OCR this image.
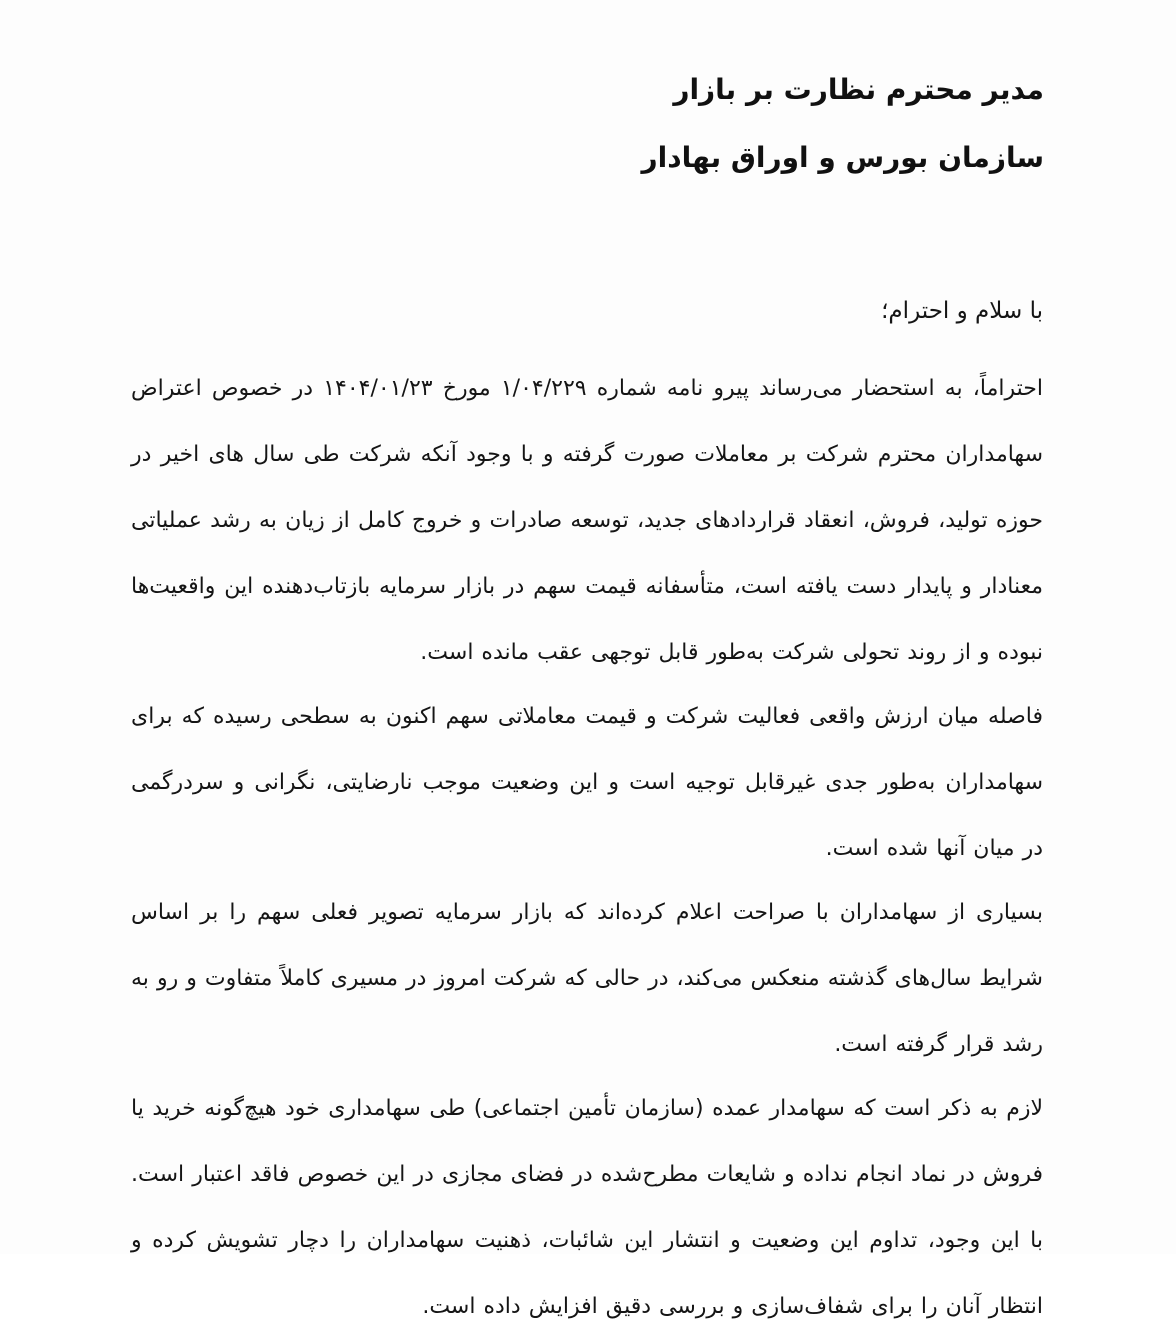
مدیر محترم نظارت بر بازار

سازمان بورس و اوراق بهادار

با سلام و احترام؛

احتراماً، به استحضار می‌رساند پیرو نامه شماره ۱/۰۴/۲۲۹ مورخ ۱۴۰۴/۰۱/۲۳ در خصوص اعتراض سهامداران محترم شرکت بر معاملات صورت گرفته و با وجود آنکه شرکت طی سال های اخیر در حوزه تولید، فروش، انعقاد قراردادهای جدید، توسعه صادرات و خروج کامل از زیان به رشد عملیاتی معنادار و پایدار دست یافته است، متأسفانه قیمت سهم در بازار سرمایه بازتاب‌دهنده این واقعیت‌ها نبوده و از روند تحولی شرکت به‌طور قابل توجهی عقب مانده است.

فاصله میان ارزش واقعی فعالیت شرکت و قیمت معاملاتی سهم اکنون به سطحی رسیده که برای سهامداران به‌طور جدی غیرقابل توجیه است و این وضعیت موجب نارضایتی، نگرانی و سردرگمی در میان آنها شده است.

بسیاری از سهامداران با صراحت اعلام کرده‌اند که بازار سرمایه تصویر فعلی سهم را بر اساس شرایط سال‌های گذشته منعکس می‌کند، در حالی که شرکت امروز در مسیری کاملاً متفاوت و رو به رشد قرار گرفته است.

لازم به ذکر است که سهامدار عمده (سازمان تأمین اجتماعی) طی سهامداری خود هیچ‌گونه خرید یا فروش در نماد انجام نداده و شایعات مطرح‌شده در فضای مجازی در این خصوص فاقد اعتبار است. با این وجود، تداوم این وضعیت و انتشار این شائبات، ذهنیت سهامداران را دچار تشویش کرده و انتظار آنان را برای شفاف‌سازی و بررسی دقیق افزایش داده است.
